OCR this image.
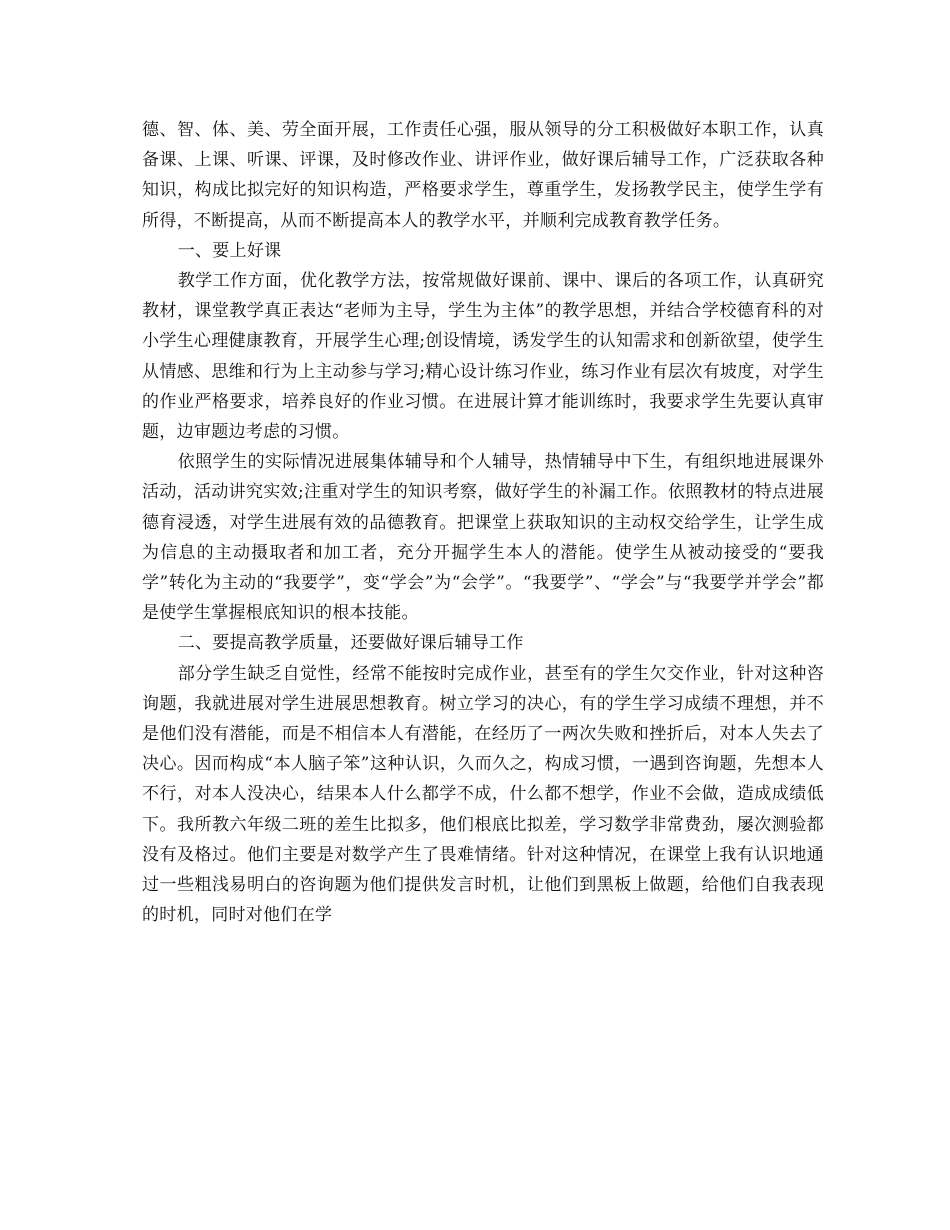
德、智、体、美、劳全面开展，工作责任心强，服从领导的分工积极做好本职工作，认真备课、上课、听课、评课，及时修改作业、讲评作业，做好课后辅导工作，广泛获取各种知识，构成比拟完好的知识构造，严格要求学生，尊重学生，发扬教学民主，使学生学有所得，不断提高，从而不断提高本人的教学水平，并顺利完成教育教学任务。

一、要上好课

教学工作方面，优化教学方法，按常规做好课前、课中、课后的各项工作，认真研究教材，课堂教学真正表达“老师为主导，学生为主体”的教学思想，并结合学校德育科的对小学生心理健康教育，开展学生心理;创设情境，诱发学生的认知需求和创新欲望，使学生从情感、思维和行为上主动参与学习;精心设计练习作业，练习作业有层次有坡度，对学生的作业严格要求，培养良好的作业习惯。在进展计算才能训练时，我要求学生先要认真审题，边审题边考虑的习惯。

依照学生的实际情况进展集体辅导和个人辅导，热情辅导中下生，有组织地进展课外活动，活动讲究实效;注重对学生的知识考察，做好学生的补漏工作。依照教材的特点进展德育浸透，对学生进展有效的品德教育。把课堂上获取知识的主动权交给学生，让学生成为信息的主动摄取者和加工者，充分开掘学生本人的潜能。使学生从被动接受的“要我学”转化为主动的“我要学”，变“学会”为“会学”。“我要学”、“学会”与“我要学并学会”都是使学生掌握根底知识的根本技能。

二、要提高教学质量，还要做好课后辅导工作

部分学生缺乏自觉性，经常不能按时完成作业，甚至有的学生欠交作业，针对这种咨询题，我就进展对学生进展思想教育。树立学习的决心，有的学生学习成绩不理想，并不是他们没有潜能，而是不相信本人有潜能，在经历了一两次失败和挫折后，对本人失去了决心。因而构成“本人脑子笨”这种认识，久而久之，构成习惯，一遇到咨询题，先想本人不行，对本人没决心，结果本人什么都学不成，什么都不想学，作业不会做，造成成绩低下。我所教六年级二班的差生比拟多，他们根底比拟差，学习数学非常费劲，屡次测验都没有及格过。他们主要是对数学产生了畏难情绪。针对这种情况，在课堂上我有认识地通过一些粗浅易明白的咨询题为他们提供发言时机，让他们到黑板上做题，给他们自我表现的时机，同时对他们在学
